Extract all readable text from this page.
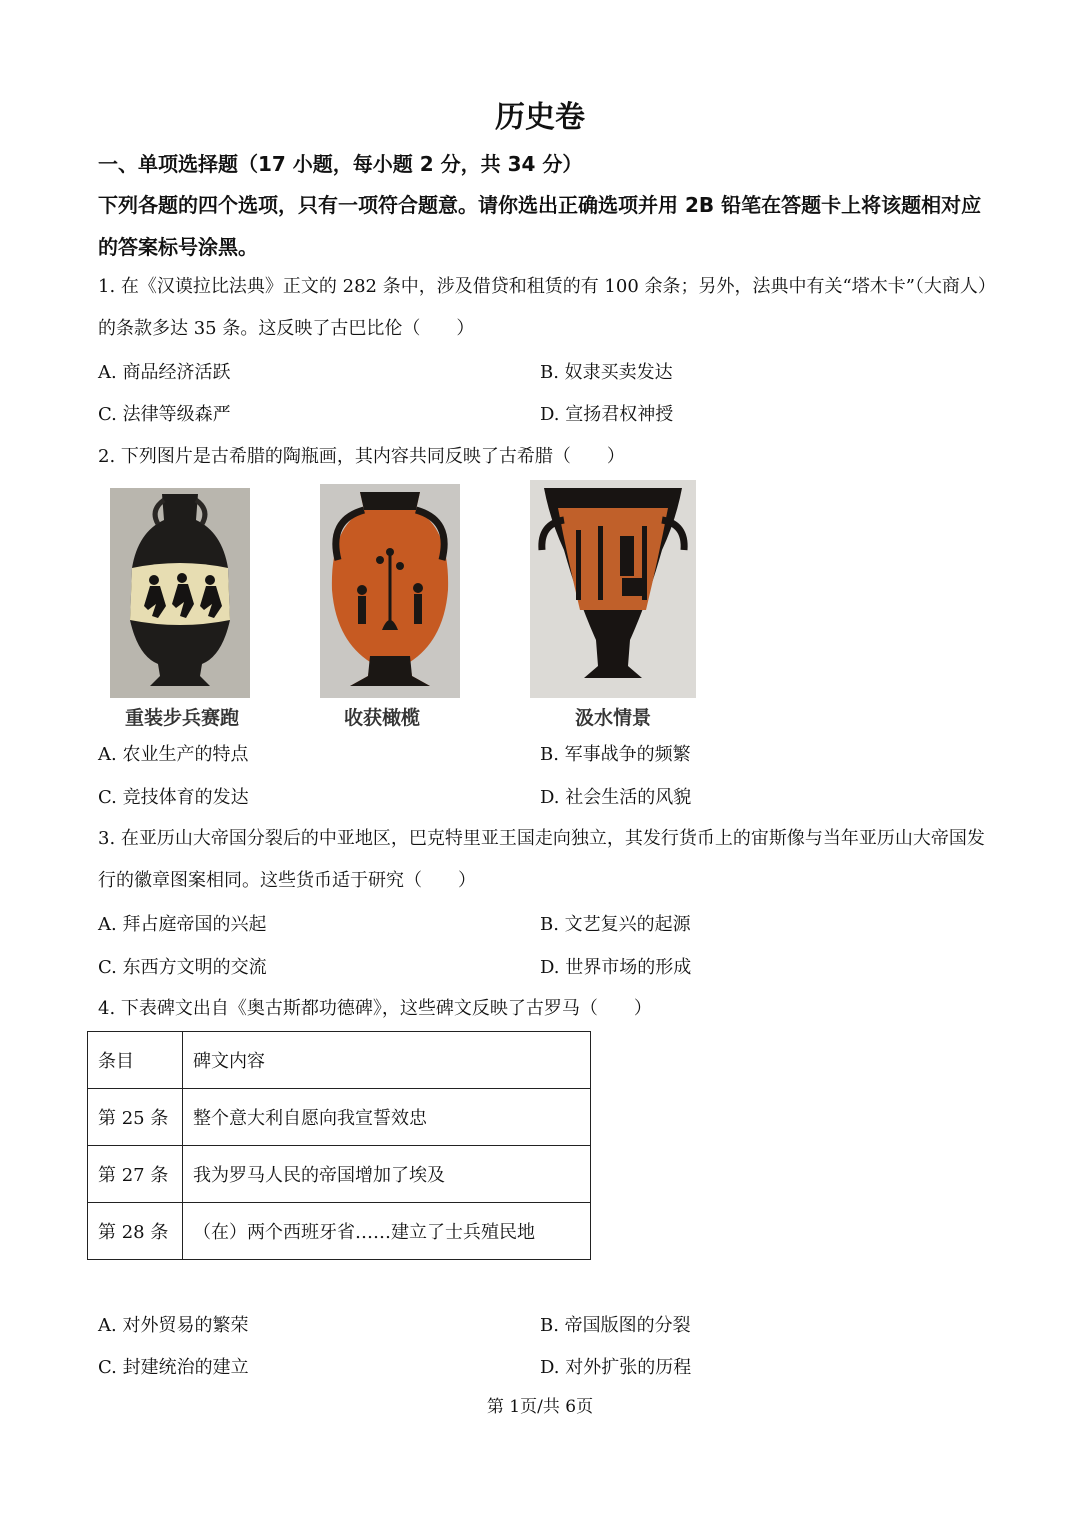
历史卷
一、单项选择题（17 小题，每小题 2 分，共 34 分）
下列各题的四个选项，只有一项符合题意。请你选出正确选项并用 2B 铅笔在答题卡上将该题相对应的答案标号涂黑。
1. 在《汉谟拉比法典》正文的 282 条中，涉及借贷和租赁的有 100 余条；另外，法典中有关“塔木卡”（大商人）的条款多达 35 条。这反映了古巴比伦（　　）
A. 商品经济活跃	B. 奴隶买卖发达
C. 法律等级森严	D. 宣扬君权神授
2. 下列图片是古希腊的陶瓶画，其内容共同反映了古希腊（　　）
重装步兵赛跑	收获橄榄	汲水情景
A. 农业生产的特点	B. 军事战争的频繁
C. 竞技体育的发达	D. 社会生活的风貌
3. 在亚历山大帝国分裂后的中亚地区，巴克特里亚王国走向独立，其发行货币上的宙斯像与当年亚历山大帝国发行的徽章图案相同。这些货币适于研究（　　）
A. 拜占庭帝国的兴起	B. 文艺复兴的起源
C. 东西方文明的交流	D. 世界市场的形成
4. 下表碑文出自《奥古斯都功德碑》，这些碑文反映了古罗马（　　）
条目	碑文内容
第 25 条	整个意大利自愿向我宣誓效忠
第 27 条	我为罗马人民的帝国增加了埃及
第 28 条	（在）两个西班牙省……建立了士兵殖民地
A. 对外贸易的繁荣	B. 帝国版图的分裂
C. 封建统治的建立	D. 对外扩张的历程
第 1页/共 6页
